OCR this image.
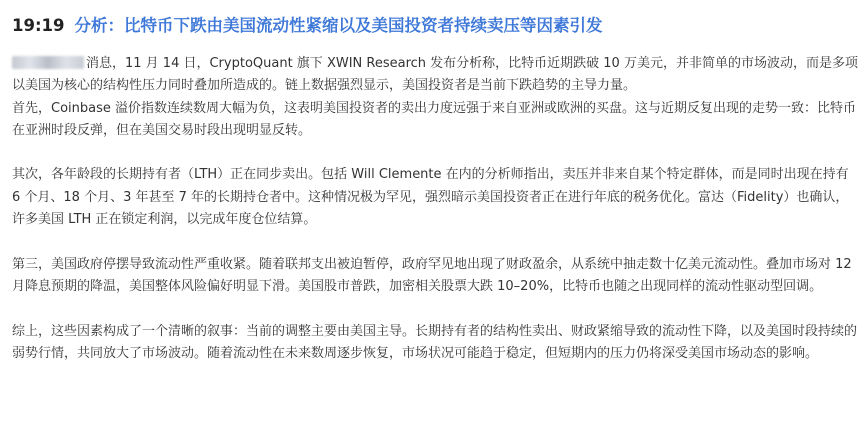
19:19 分析：比特币下跌由美国流动性紧缩以及美国投资者持续卖压等因素引发

消息，11 月 14 日，CryptoQuant 旗下 XWIN Research 发布分析称，比特币近期跌破 10 万美元，并非简单的市场波动，而是多项以美国为核心的结构性压力同时叠加所造成的。链上数据强烈显示，美国投资者是当前下跌趋势的主导力量。

首先，Coinbase 溢价指数连续数周大幅为负，这表明美国投资者的卖出力度远强于来自亚洲或欧洲的买盘。这与近期反复出现的走势一致：比特币在亚洲时段反弹，但在美国交易时段出现明显反转。

其次，各年龄段的长期持有者（LTH）正在同步卖出。包括 Will Clemente 在内的分析师指出，卖压并非来自某个特定群体，而是同时出现在持有 6 个月、18 个月、3 年甚至 7 年的长期持仓者中。这种情况极为罕见，强烈暗示美国投资者正在进行年底的税务优化。富达（Fidelity）也确认，许多美国 LTH 正在锁定利润，以完成年度仓位结算。

第三，美国政府停摆导致流动性严重收紧。随着联邦支出被迫暂停，政府罕见地出现了财政盈余，从系统中抽走数十亿美元流动性。叠加市场对 12 月降息预期的降温，美国整体风险偏好明显下滑。美国股市普跌，加密相关股票大跌 10–20%，比特币也随之出现同样的流动性驱动型回调。

综上，这些因素构成了一个清晰的叙事：当前的调整主要由美国主导。长期持有者的结构性卖出、财政紧缩导致的流动性下降，以及美国时段持续的弱势行情，共同放大了市场波动。随着流动性在未来数周逐步恢复，市场状况可能趋于稳定，但短期内的压力仍将深受美国市场动态的影响。
